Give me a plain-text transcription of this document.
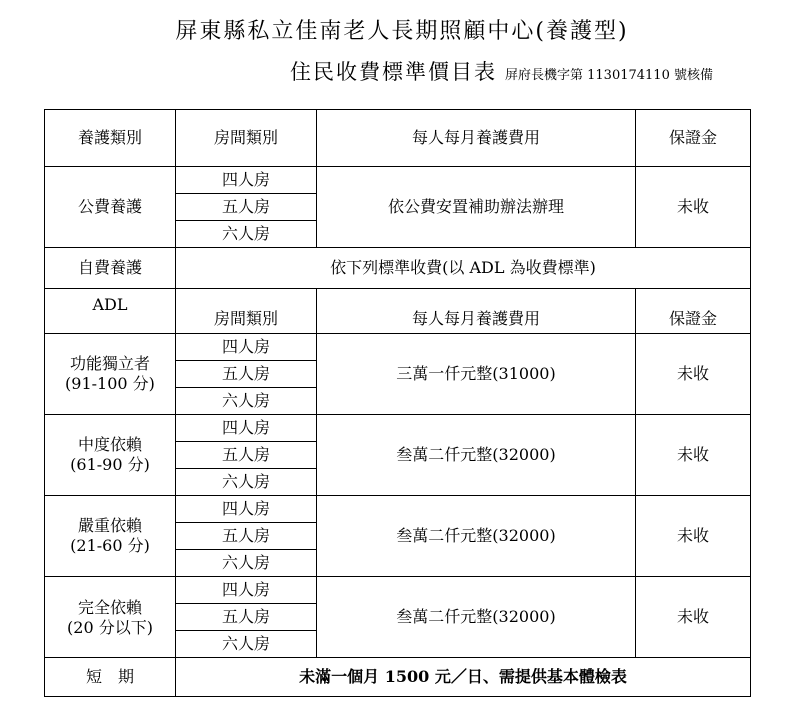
屏東縣私立佳南老人長期照顧中心(養護型)
住民收費標準價目表 屏府長機字第 1130174110 號核備
養護類別	房間類別	每人每月養護費用	保證金
公費養護	四人房	依公費安置補助辦法辦理	未收
	五人房		
	六人房		
自費養護	依下列標準收費(以 ADL 為收費標準)		
ADL	房間類別	每人每月養護費用	保證金
功能獨立者
(91-100 分)	四人房	三萬一仟元整(31000)	未收
	五人房		
	六人房		
中度依賴
(61-90 分)	四人房	叁萬二仟元整(32000)	未收
	五人房		
	六人房		
嚴重依賴
(21-60 分)	四人房	叁萬二仟元整(32000)	未收
	五人房		
	六人房		
完全依賴
(20 分以下)	四人房	叁萬二仟元整(32000)	未收
	五人房		
	六人房		
短　期	未滿一個月 1500 元／日、需提供基本體檢表		
